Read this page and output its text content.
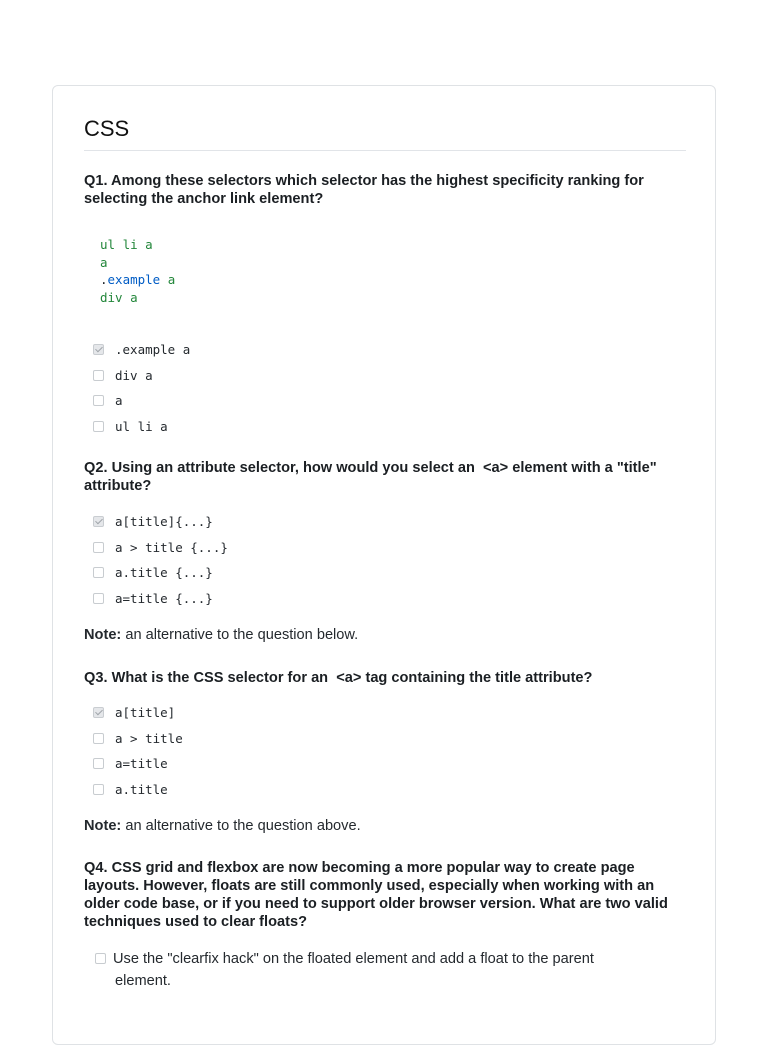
CSS
Q1. Among these selectors which selector has the highest specificity ranking for selecting the anchor link element?
ul li a
a
.example a
div a
.example a
div a
a
ul li a
Q2. Using an attribute selector, how would you select an <a> element with a "title" attribute?
a[title]{...}
a > title {...}
a.title {...}
a=title {...}
Note: an alternative to the question below.
Q3. What is the CSS selector for an <a> tag containing the title attribute?
a[title]
a > title
a=title
a.title
Note: an alternative to the question above.
Q4. CSS grid and flexbox are now becoming a more popular way to create page layouts. However, floats are still commonly used, especially when working with an older code base, or if you need to support older browser version. What are two valid techniques used to clear floats?
Use the "clearfix hack" on the floated element and add a float to the parent
element.
